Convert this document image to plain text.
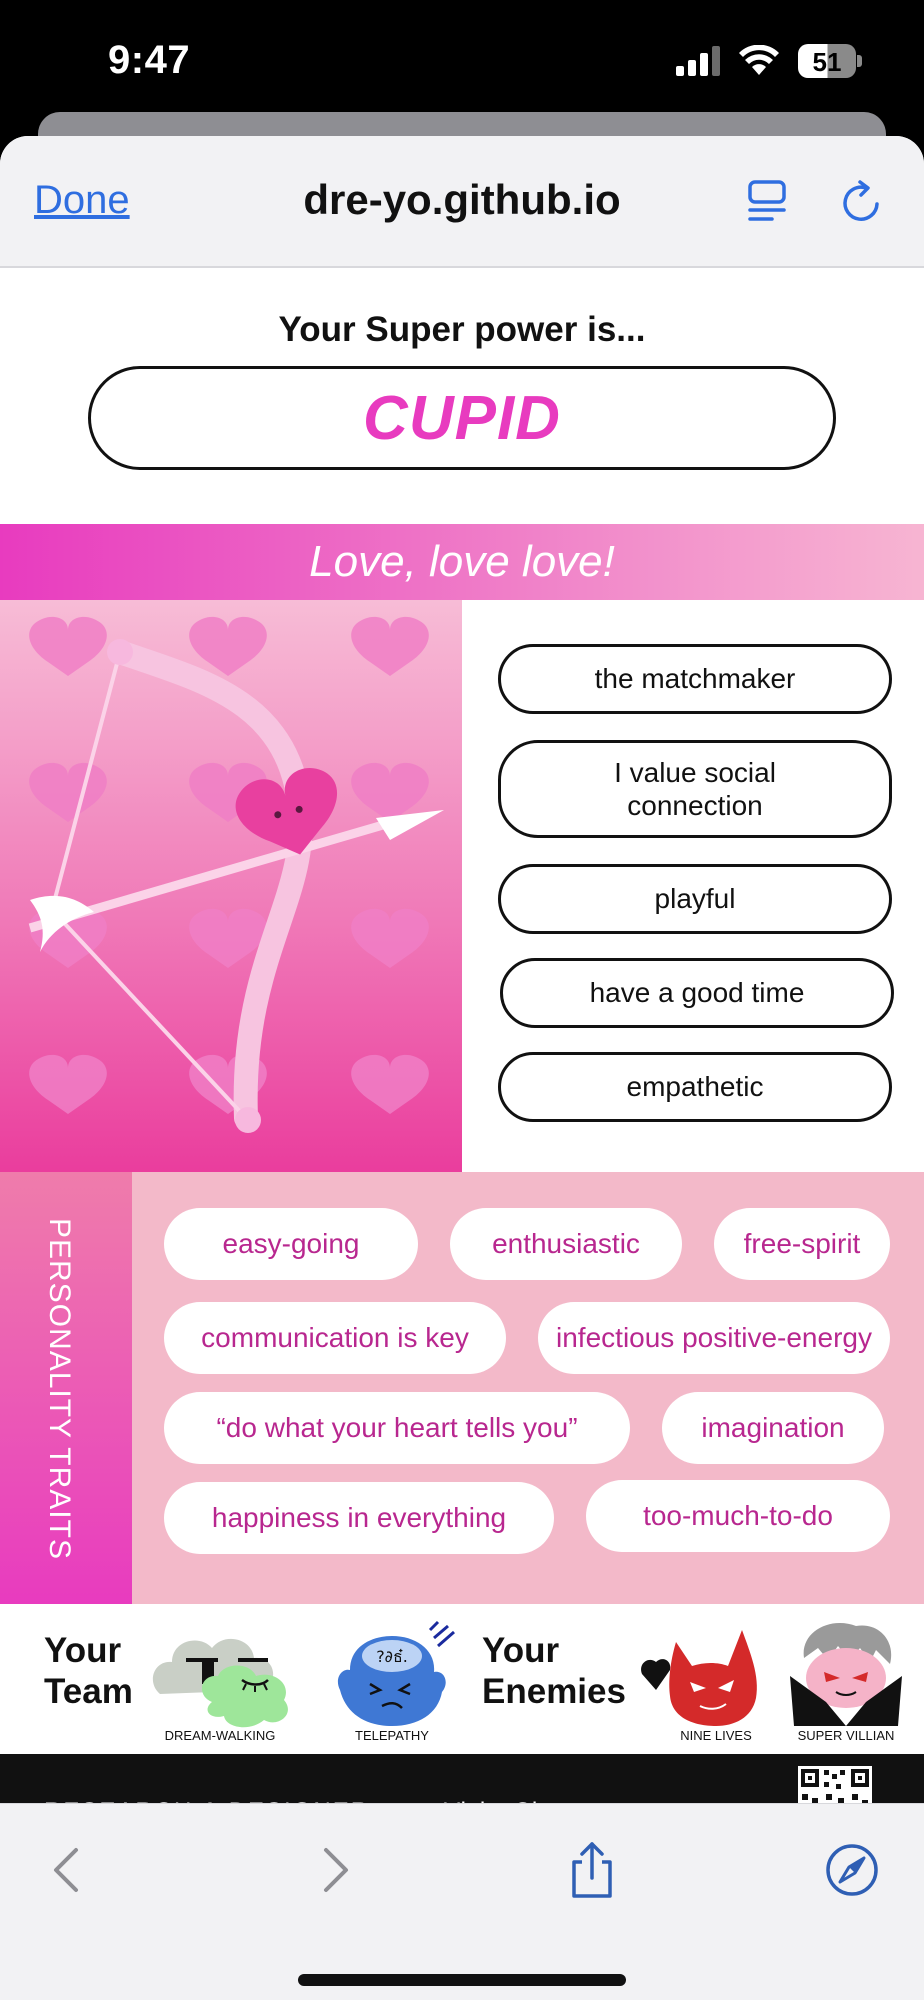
9:47	51
Done	dre-yo.github.io
Your Super power is...
CUPID
Love, love love!
the matchmaker
I value social connection
playful
have a good time
empathetic
PERSONALITY TRAITS	easy-going	enthusiastic	free-spirit
communication is key	infectious positive-energy
“do what your heart tells you”	imagination
happiness in everything	too-much-to-do
Your
Team
DREAM-WALKING
?∂ธ๋.
TELEPATHY
Your
Enemies
NINE LIVES	SUPER VILLIAN
